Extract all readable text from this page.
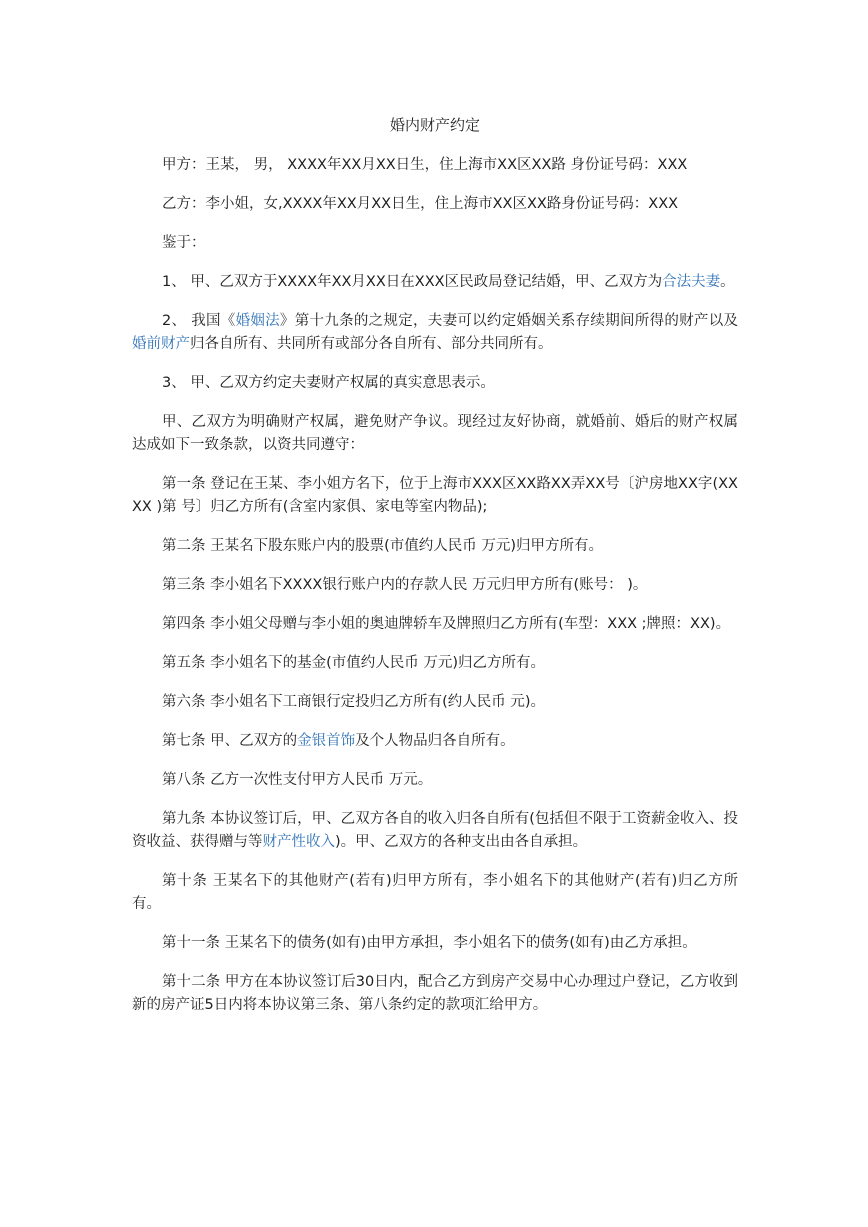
婚内财产约定

甲方：王某， 男， XXXX年XX月XX日生，住上海市XX区XX路 身份证号码：XXX

乙方：李小姐，女,XXXX年XX月XX日生，住上海市XX区XX路身份证号码：XXX

鉴于：

1、 甲、乙双方于XXXX年XX月XX日在XXX区民政局登记结婚，甲、乙双方为合法夫妻。

2、 我国《婚姻法》第十九条的之规定，夫妻可以约定婚姻关系存续期间所得的财产以及婚前财产归各自所有、共同所有或部分各自所有、部分共同所有。

3、 甲、乙双方约定夫妻财产权属的真实意思表示。

甲、乙双方为明确财产权属，避免财产争议。现经过友好协商，就婚前、婚后的财产权属达成如下一致条款，以资共同遵守：

第一条 登记在王某、李小姐方名下，位于上海市XXX区XX路XX弄XX号〔沪房地XX字(XXXX )第 号〕归乙方所有(含室内家俱、家电等室内物品);

第二条 王某名下股东账户内的股票(市值约人民币 万元)归甲方所有。

第三条 李小姐名下XXXX银行账户内的存款人民 万元归甲方所有(账号： )。

第四条 李小姐父母赠与李小姐的奥迪牌轿车及牌照归乙方所有(车型：XXX ;牌照：XX)。

第五条 李小姐名下的基金(市值约人民币 万元)归乙方所有。

第六条 李小姐名下工商银行定投归乙方所有(约人民币 元)。

第七条 甲、乙双方的金银首饰及个人物品归各自所有。

第八条 乙方一次性支付甲方人民币 万元。

第九条 本协议签订后，甲、乙双方各自的收入归各自所有(包括但不限于工资薪金收入、投资收益、获得赠与等财产性收入)。甲、乙双方的各种支出由各自承担。

第十条 王某名下的其他财产(若有)归甲方所有，李小姐名下的其他财产(若有)归乙方所有。

第十一条 王某名下的债务(如有)由甲方承担，李小姐名下的债务(如有)由乙方承担。

第十二条 甲方在本协议签订后30日内，配合乙方到房产交易中心办理过户登记，乙方收到新的房产证5日内将本协议第三条、第八条约定的款项汇给甲方。
